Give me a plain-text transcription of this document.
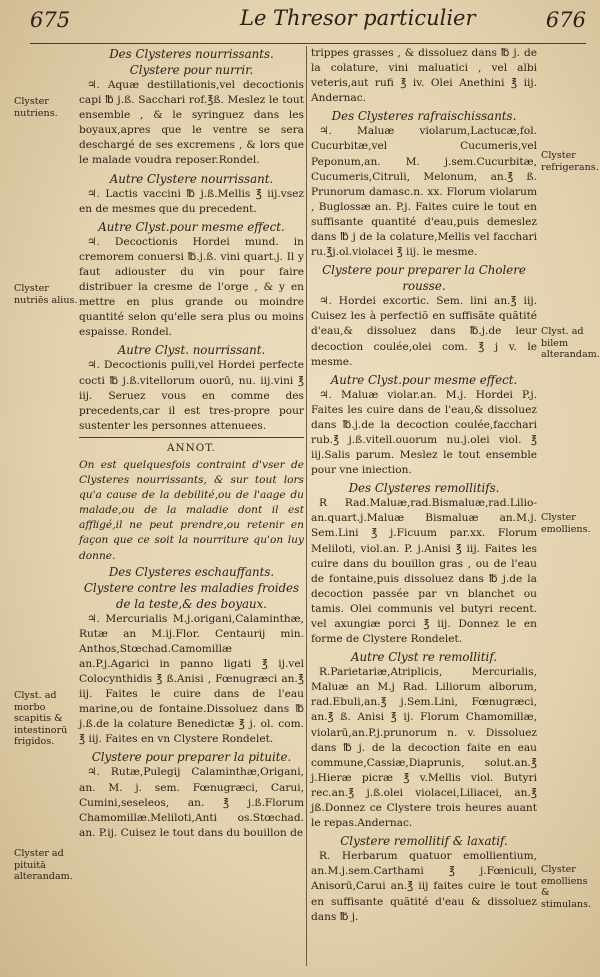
675	Le Thresor particulier	676
Des Clysteres nourrissants.
Clystere pour nurrir.
♃. Aquæ destillationis,vel decoctionis capi ℔ j.ß. Sacchari rof.℥ß. Meslez le tout ensemble , & le syringuez dans les boyaux,apres que le ventre se sera deschargé de ses excremens , & lors que le malade voudra reposer.Rondel.
Autre Clystere nourrissant.
♃. Lactis vaccini ℔ j.ß.Mellis ℥ iij.vsez en de mesmes que du precedent.
Autre Clyst.pour mesme effect.
♃. Decoctionis Hordei mund. in cremorem conuersi ℔.j.ß. vini quart.j. Il y faut adiouster du vin pour faire distribuer la cresme de l'orge , & y en mettre en plus grande ou moindre quantité selon qu'elle sera plus ou moins espaisse. Rondel.
Autre Clyst. nourrissant.
♃. Decoctionis pulli,vel Hordei perfecte cocti ℔ j.ß.vitellorum ouorū, nu. iij.vini ℥ iij. Seruez vous en comme des precedents,car il est tres-propre pour sustenter les personnes attenuees.
ANNOT.
On est quelquesfois contraint d'vser de Clysteres nourrissants, & sur tout lors qu'a cause de la debilité,ou de l'aage du malade,ou de la maladie dont il est affligé,il ne peut prendre,ou retenir en façon que ce soit la nourriture qu'on luy donne.
Des Clysteres eschauffants.
Clystere contre les maladies froides de la teste,& des boyaux.
♃. Mercurialis M.j.origani,Calaminthæ, Rutæ an M.ij.Flor. Centaurij min. Anthos,Stœchad.Camomillæ an.P.j.Agarici in panno ligati ℥ ij.vel Colocynthidis ℥ ß.Anisi , Fœnugræci an.℥ iij. Faites le cuire dans de l'eau marine,ou de fontaine.Dissoluez dans ℔ j.ß.de la colature Benedictæ ℥ j. ol. com. ℥ iij. Faites en vn Clystere Rondelet.
Clystere pour preparer la pituite.
♃. Rutæ,Pulegij Calaminthæ,Origani, an. M. j. sem. Fœnugræci, Carui, Cumini,seseleos, an. ℥ j.ß.Florum Chamomillæ.Meliloti,Anti os.Stœchad. an. P.ij. Cuisez le tout dans du bouillon de
trippes grasses , & dissoluez dans ℔ j. de la colature, vini maluatici , vel albi veteris,aut rufi ℥ iv. Olei Anethini ℥ iij. Andernac.
Des Clysteres rafraischissants.
♃. Maluæ violarum,Lactucæ,fol. Cucurbitæ,vel Cucumeris,vel Peponum,an. M. j.sem.Cucurbitæ, Cucumeris,Citruli, Melonum, an.℥ ß. Prunorum damasc.n. xx. Florum violarum , Buglossæ an. P.j. Faites cuire le tout en suffisante quantité d'eau,puis demeslez dans ℔ j de la colature,Mellis vel facchari ru.℥j.ol.violacei ℥ iij. le mesme.
Clystere pour preparer la Cholere rousse.
♃. Hordei excortic. Sem. lini an.℥ iij. Cuisez les à perfectiõ en suffisãte quãtité d'eau,& dissoluez dans ℔.j.de leur decoction coulée,olei com. ℥ j v. le mesme.
Autre Clyst.pour mesme effect.
♃. Maluæ violar.an. M.j. Hordei P.j. Faites les cuire dans de l'eau,& dissoluez dans ℔.j.de la decoction coulée,facchari rub.℥ j.ß.vitell.ouorum nu.j.olei viol. ℥ iij.Salis parum. Meslez le tout ensemble pour vne iniection.
Des Clysteres remollitifs.
R Rad.Maluæ,rad.Bismaluæ,rad.Lilio- an.quart.j.Maluæ Bismaluæ an.M.j. Sem.Lini ℥ j.Ficuum par.xx. Florum Meliloti, viol.an. P. j.Anisi ℥ iij. Faites les cuire dans du bouillon gras , ou de l'eau de fontaine,puis dissoluez dans ℔ j.de la decoction passée par vn blanchet ou tamis. Olei communis vel butyri recent. vel axungiæ porci ℥ iij. Donnez le en forme de Clystere Rondelet.
Autre Clyst re remollitif.
R.Parietariæ,Atriplicis, Mercurialis, Maluæ an M.j Rad. Liliorum alborum, rad.Ebuli,an.℥ j.Sem.Lini, Fœnugræci, an.℥ ß. Anisi ℥ ij. Florum Chamomillæ, violarū,an.P.j.prunorum n. v. Dissoluez dans ℔ j. de la decoction faite en eau commune,Cassiæ,Diaprunis, solut.an.℥ j.Hieræ picræ ℥ v.Mellis viol. Butyri rec.an.℥ j.ß.olei violacei,Liliacei, an.℥ jß.Donnez ce Clystere trois heures auant le repas.Andernac.
Clystere remollitif & laxatif.
R. Herbarum quatuor emollientium, an.M.j.sem.Carthami ℥ j.Fœniculi, Anisorū,Carui an.℥ iij faites cuire le tout en suffisante quãtité d'eau & dissoluez dans ℔ j.
Clyster nutriens.
Clyster nutriēs alius.
Clyst. ad morbo scapitis & intestinorū frigidos.
Clyster ad pituitā alterandam.
Clyster refrigerans.
Clyst. ad bilem alterandam.
Clyster emolliens.
Clyster emolliens & stimulans.
